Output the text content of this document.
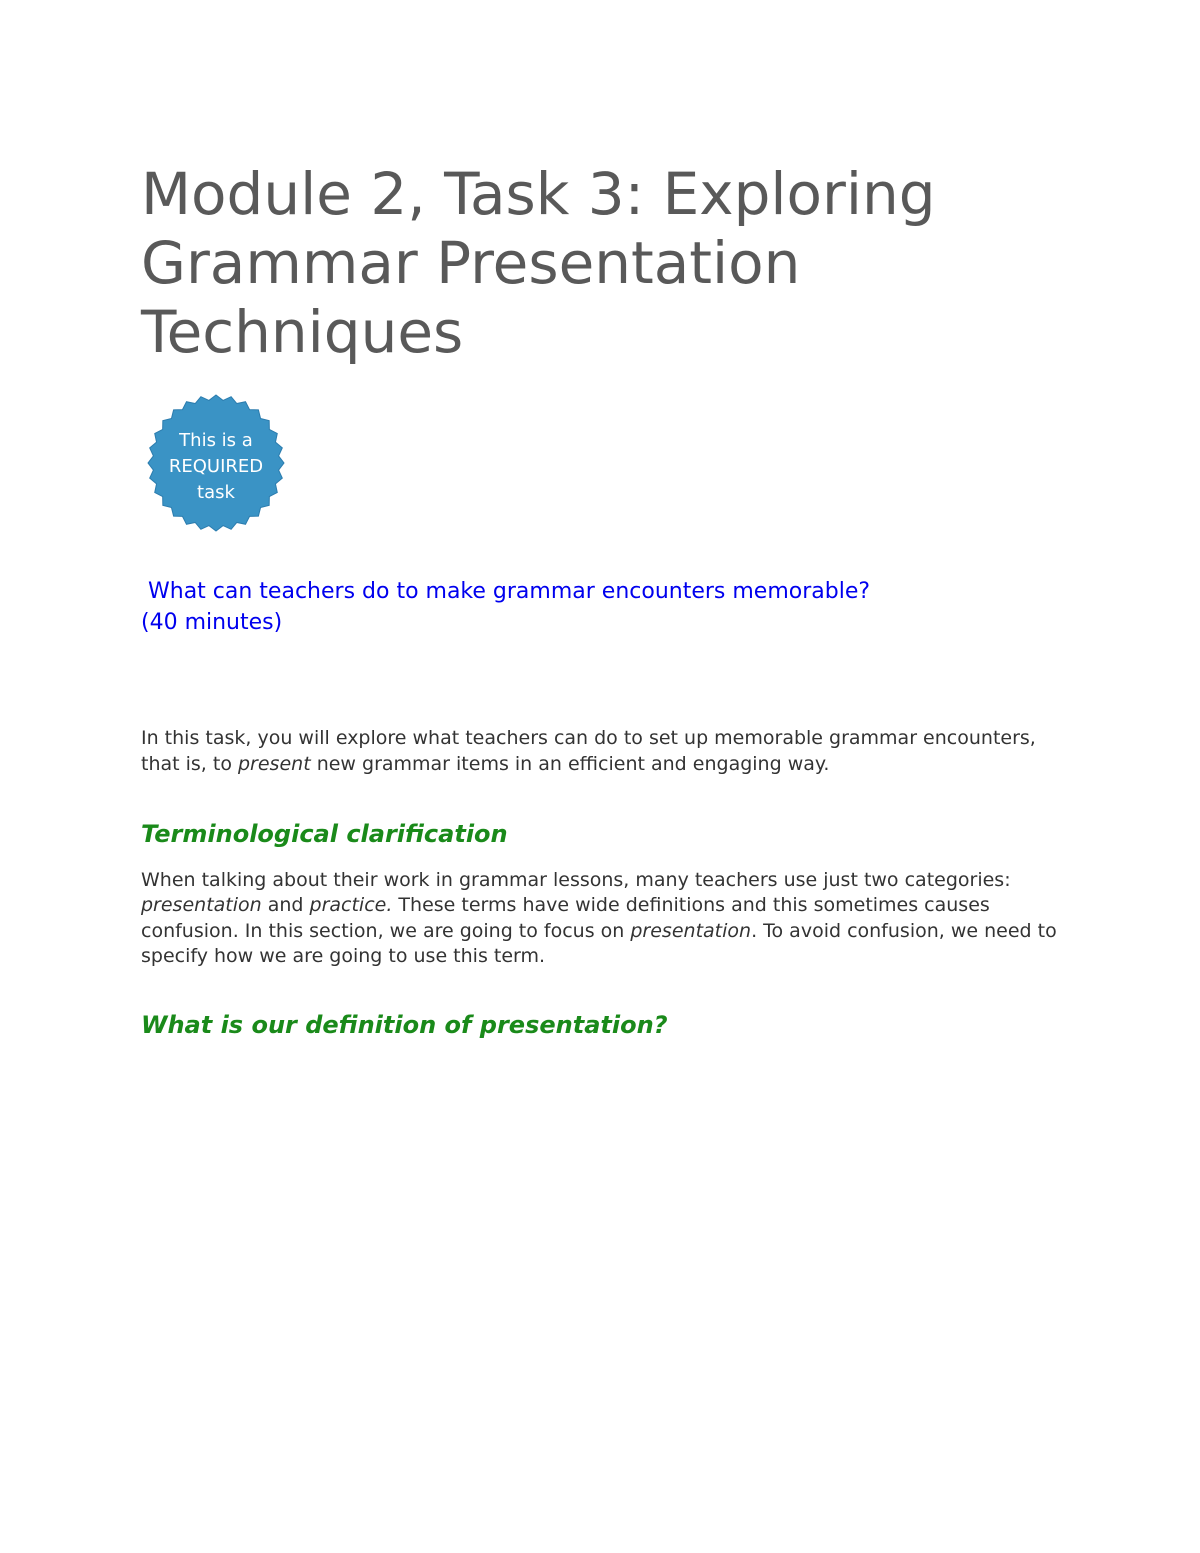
Module 2, Task 3: Exploring Grammar Presentation Techniques
This is a
REQUIRED
task

What can teachers do to make grammar encounters memorable?
(40 minutes)

In this task, you will explore what teachers can do to set up memorable grammar encounters, that is, to present new grammar items in an efficient and engaging way.

Terminological clarification

When talking about their work in grammar lessons, many teachers use just two categories: presentation and practice. These terms have wide definitions and this sometimes causes confusion. In this section, we are going to focus on presentation. To avoid confusion, we need to specify how we are going to use this term.

What is our definition of presentation?
